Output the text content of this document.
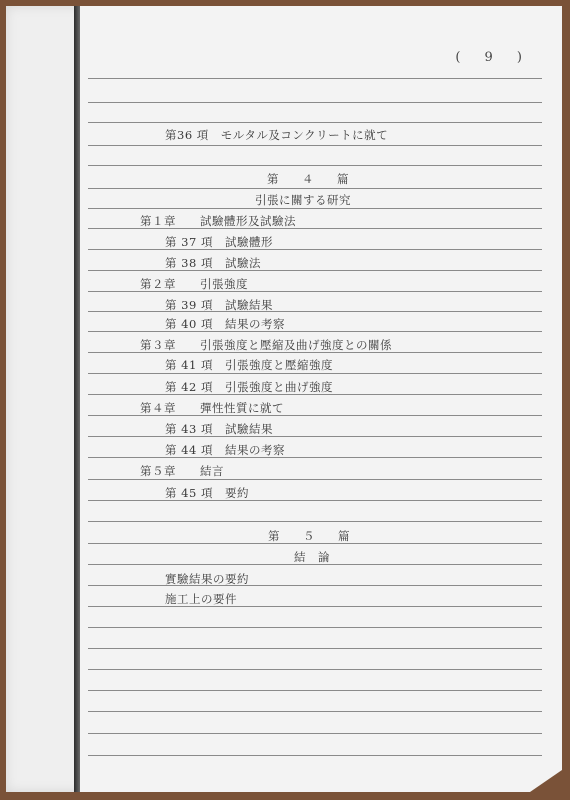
( 9 )
第36 項　モルタル及コンクリートに就て
第　４　篇
引張に關する研究
第１章　　試驗體形及試驗法
第 37 項　試驗體形
第 38 項　試驗法
第２章　　引張強度
第 39 項　試驗結果
第 40 項　結果の考察
第３章　　引張強度と壓縮及曲げ強度との關係
第 41 項　引張強度と壓縮強度
第 42 項　引張強度と曲げ強度
第４章　　彈性性質に就て
第 43 項　試驗結果
第 44 項　結果の考察
第５章　　結言
第 45 項　要約
第　５　篇
結　論
實驗結果の要約
施工上の要件
